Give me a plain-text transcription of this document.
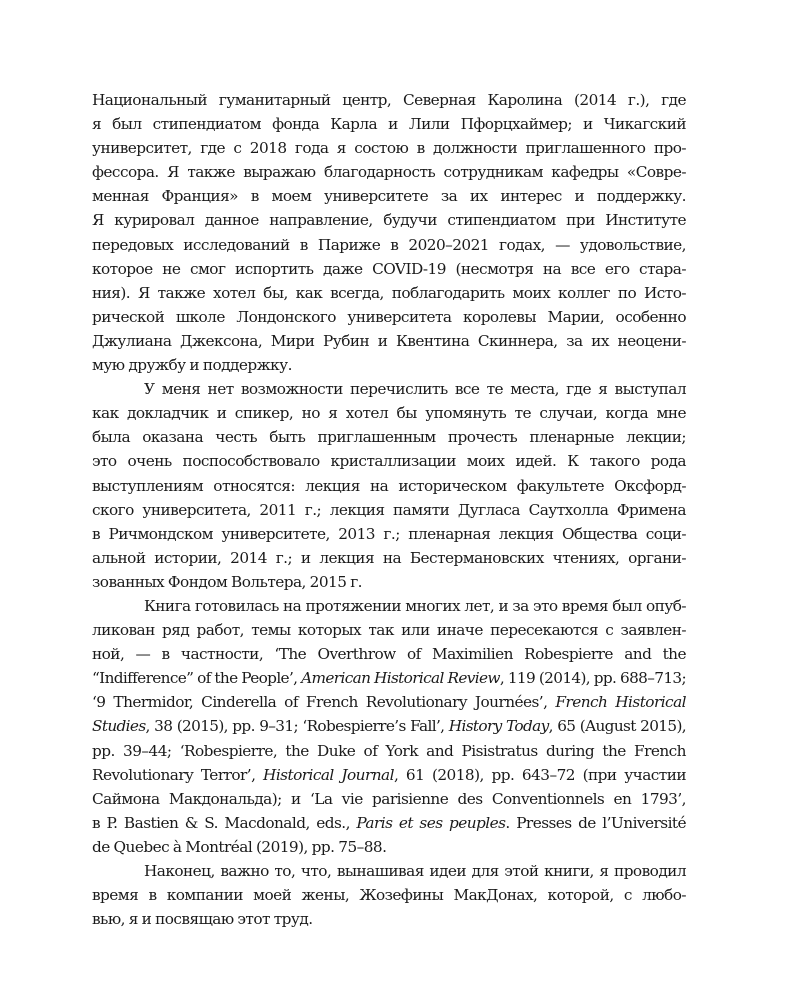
Национальный гуманитарный центр, Северная Каролина (2014 г.), где
я был стипендиатом фонда Карла и Лили Пфорцхаймер; и Чикагский
университет, где с 2018 года я состою в должности приглашенного про-
фессора. Я также выражаю благодарность сотрудникам кафедры «Совре-
менная Франция» в моем университете за их интерес и поддержку.
Я курировал данное направление, будучи стипендиатом при Институте
передовых исследований в Париже в 2020–2021 годах, — удовольствие,
которое не смог испортить даже COVID-19 (несмотря на все его стара-
ния). Я также хотел бы, как всегда, поблагодарить моих коллег по Исто-
рической школе Лондонского университета королевы Марии, особенно
Джулиана Джексона, Мири Рубин и Квентина Скиннера, за их неоцени-
мую дружбу и поддержку.
У меня нет возможности перечислить все те места, где я выступал
как докладчик и спикер, но я хотел бы упомянуть те случаи, когда мне
была оказана честь быть приглашенным прочесть пленарные лекции;
это очень поспособствовало кристаллизации моих идей. К такого рода
выступлениям относятся: лекция на историческом факультете Оксфорд-
ского университета, 2011 г.; лекция памяти Дугласа Саутхолла Фримена
в Ричмондском университете, 2013 г.; пленарная лекция Общества соци-
альной истории, 2014 г.; и лекция на Бестермановских чтениях, органи-
зованных Фондом Вольтера, 2015 г.
Книга готовилась на протяжении многих лет, и за это время был опуб-
ликован ряд работ, темы которых так или иначе пересекаются с заявлен-
ной, — в частности, ‘The Overthrow of Maximilien Robespierre and the
“Indifference” of the People’, American Historical Review, 119 (2014), pp. 688–713;
‘9 Thermidor, Cinderella of French Revolutionary Journées’, French Historical
Studies, 38 (2015), pp. 9–31; ‘Robespierre’s Fall’, History Today, 65 (August 2015),
pp. 39–44; ‘Robespierre, the Duke of York and Pisistratus during the French
Revolutionary Terror’, Historical Journal, 61 (2018), pp. 643–72 (при участии
Саймона Макдональда); и ‘La vie parisienne des Conventionnels en 1793’,
в P. Bastien & S. Macdonald, eds., Paris et ses peuples. Presses de l’Université
de Quebec à Montréal (2019), pp. 75–88.
Наконец, важно то, что, вынашивая идеи для этой книги, я проводил
время в компании моей жены, Жозефины МакДонах, которой, с любо-
вью, я и посвящаю этот труд.
